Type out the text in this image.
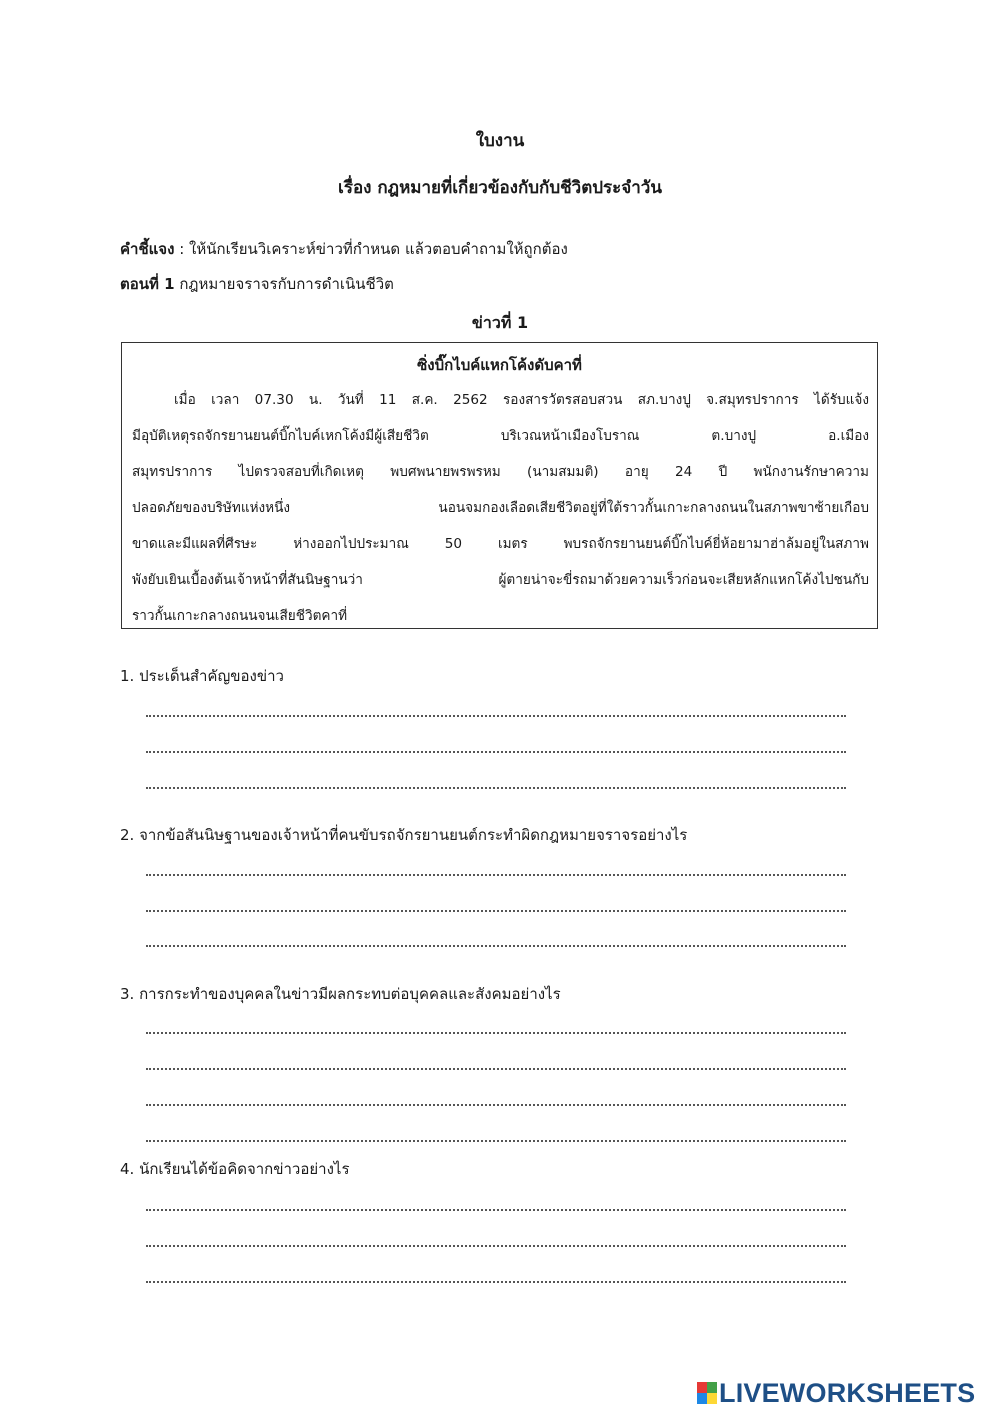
ใบงาน
เรื่อง กฎหมายที่เกี่ยวข้องกับกับชีวิตประจำวัน
คำชี้แจง : ให้นักเรียนวิเคราะห์ข่าวที่กำหนด แล้วตอบคำถามให้ถูกต้อง
ตอนที่ 1 กฎหมายจราจรกับการดำเนินชีวิต
ข่าวที่ 1
ซิ่งบิ๊กไบค์แหกโค้งดับคาที่
เมื่อ เวลา 07.30 น. วันที่ 11 ส.ค. 2562 รองสารวัตรสอบสวน สภ.บางปู จ.สมุทรปราการ ได้รับแจ้ง
มีอุบัติเหตุรถจักรยานยนต์บิ๊กไบค์เหกโค้งมีผู้เสียชีวิต บริเวณหน้าเมืองโบราณ ต.บางปู อ.เมือง
สมุทรปราการ ไปตรวจสอบที่เกิดเหตุ พบศพนายพรพรหม (นามสมมติ) อายุ 24 ปี พนักงานรักษาความ
ปลอดภัยของบริษัทแห่งหนึ่ง นอนจมกองเลือดเสียชีวิตอยู่ที่ใต้ราวกั้นเกาะกลางถนนในสภาพขาซ้ายเกือบ
ขาดและมีแผลที่ศีรษะ ห่างออกไปประมาณ 50 เมตร พบรถจักรยานยนต์บิ๊กไบค์ยี่ห้อยามาฮ่าล้มอยู่ในสภาพ
พังยับเยินเบื้องต้นเจ้าหน้าที่สันนิษฐานว่า ผู้ตายน่าจะขี่รถมาด้วยความเร็วก่อนจะเสียหลักแหกโค้งไปชนกับ
ราวกั้นเกาะกลางถนนจนเสียชีวิตคาที่
1. ประเด็นสำคัญของข่าว
2. จากข้อสันนิษฐานของเจ้าหน้าที่คนขับรถจักรยานยนต์กระทำผิดกฎหมายจราจรอย่างไร
3. การกระทำของบุคคลในข่าวมีผลกระทบต่อบุคคลและสังคมอย่างไร
4. นักเรียนได้ข้อคิดจากข่าวอย่างไร
LIVEWORKSHEETS
